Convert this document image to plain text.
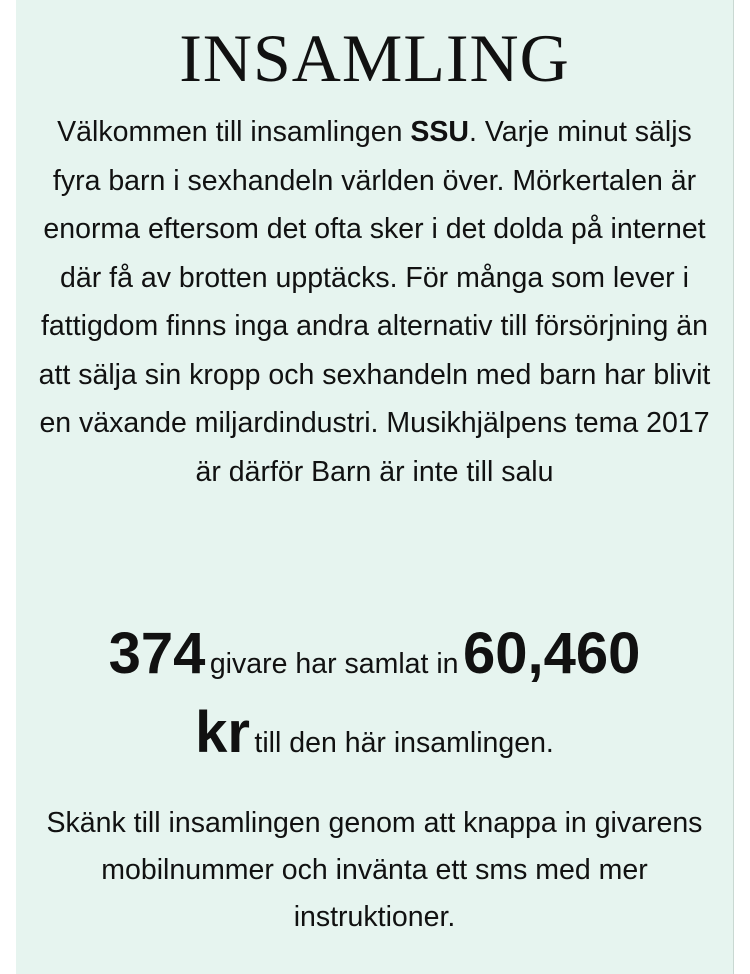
INSAMLING

Välkommen till insamlingen SSU. Varje minut säljs fyra barn i sexhandeln världen över. Mörkertalen är enorma eftersom det ofta sker i det dolda på internet där få av brotten upptäcks. För många som lever i fattigdom finns inga andra alternativ till försörjning än att sälja sin kropp och sexhandeln med barn har blivit en växande miljardindustri. Musikhjälpens tema 2017 är därför Barn är inte till salu

374 givare har samlat in 60,460
kr till den här insamlingen.

Skänk till insamlingen genom att knappa in givarens mobilnummer och invänta ett sms med mer instruktioner.
